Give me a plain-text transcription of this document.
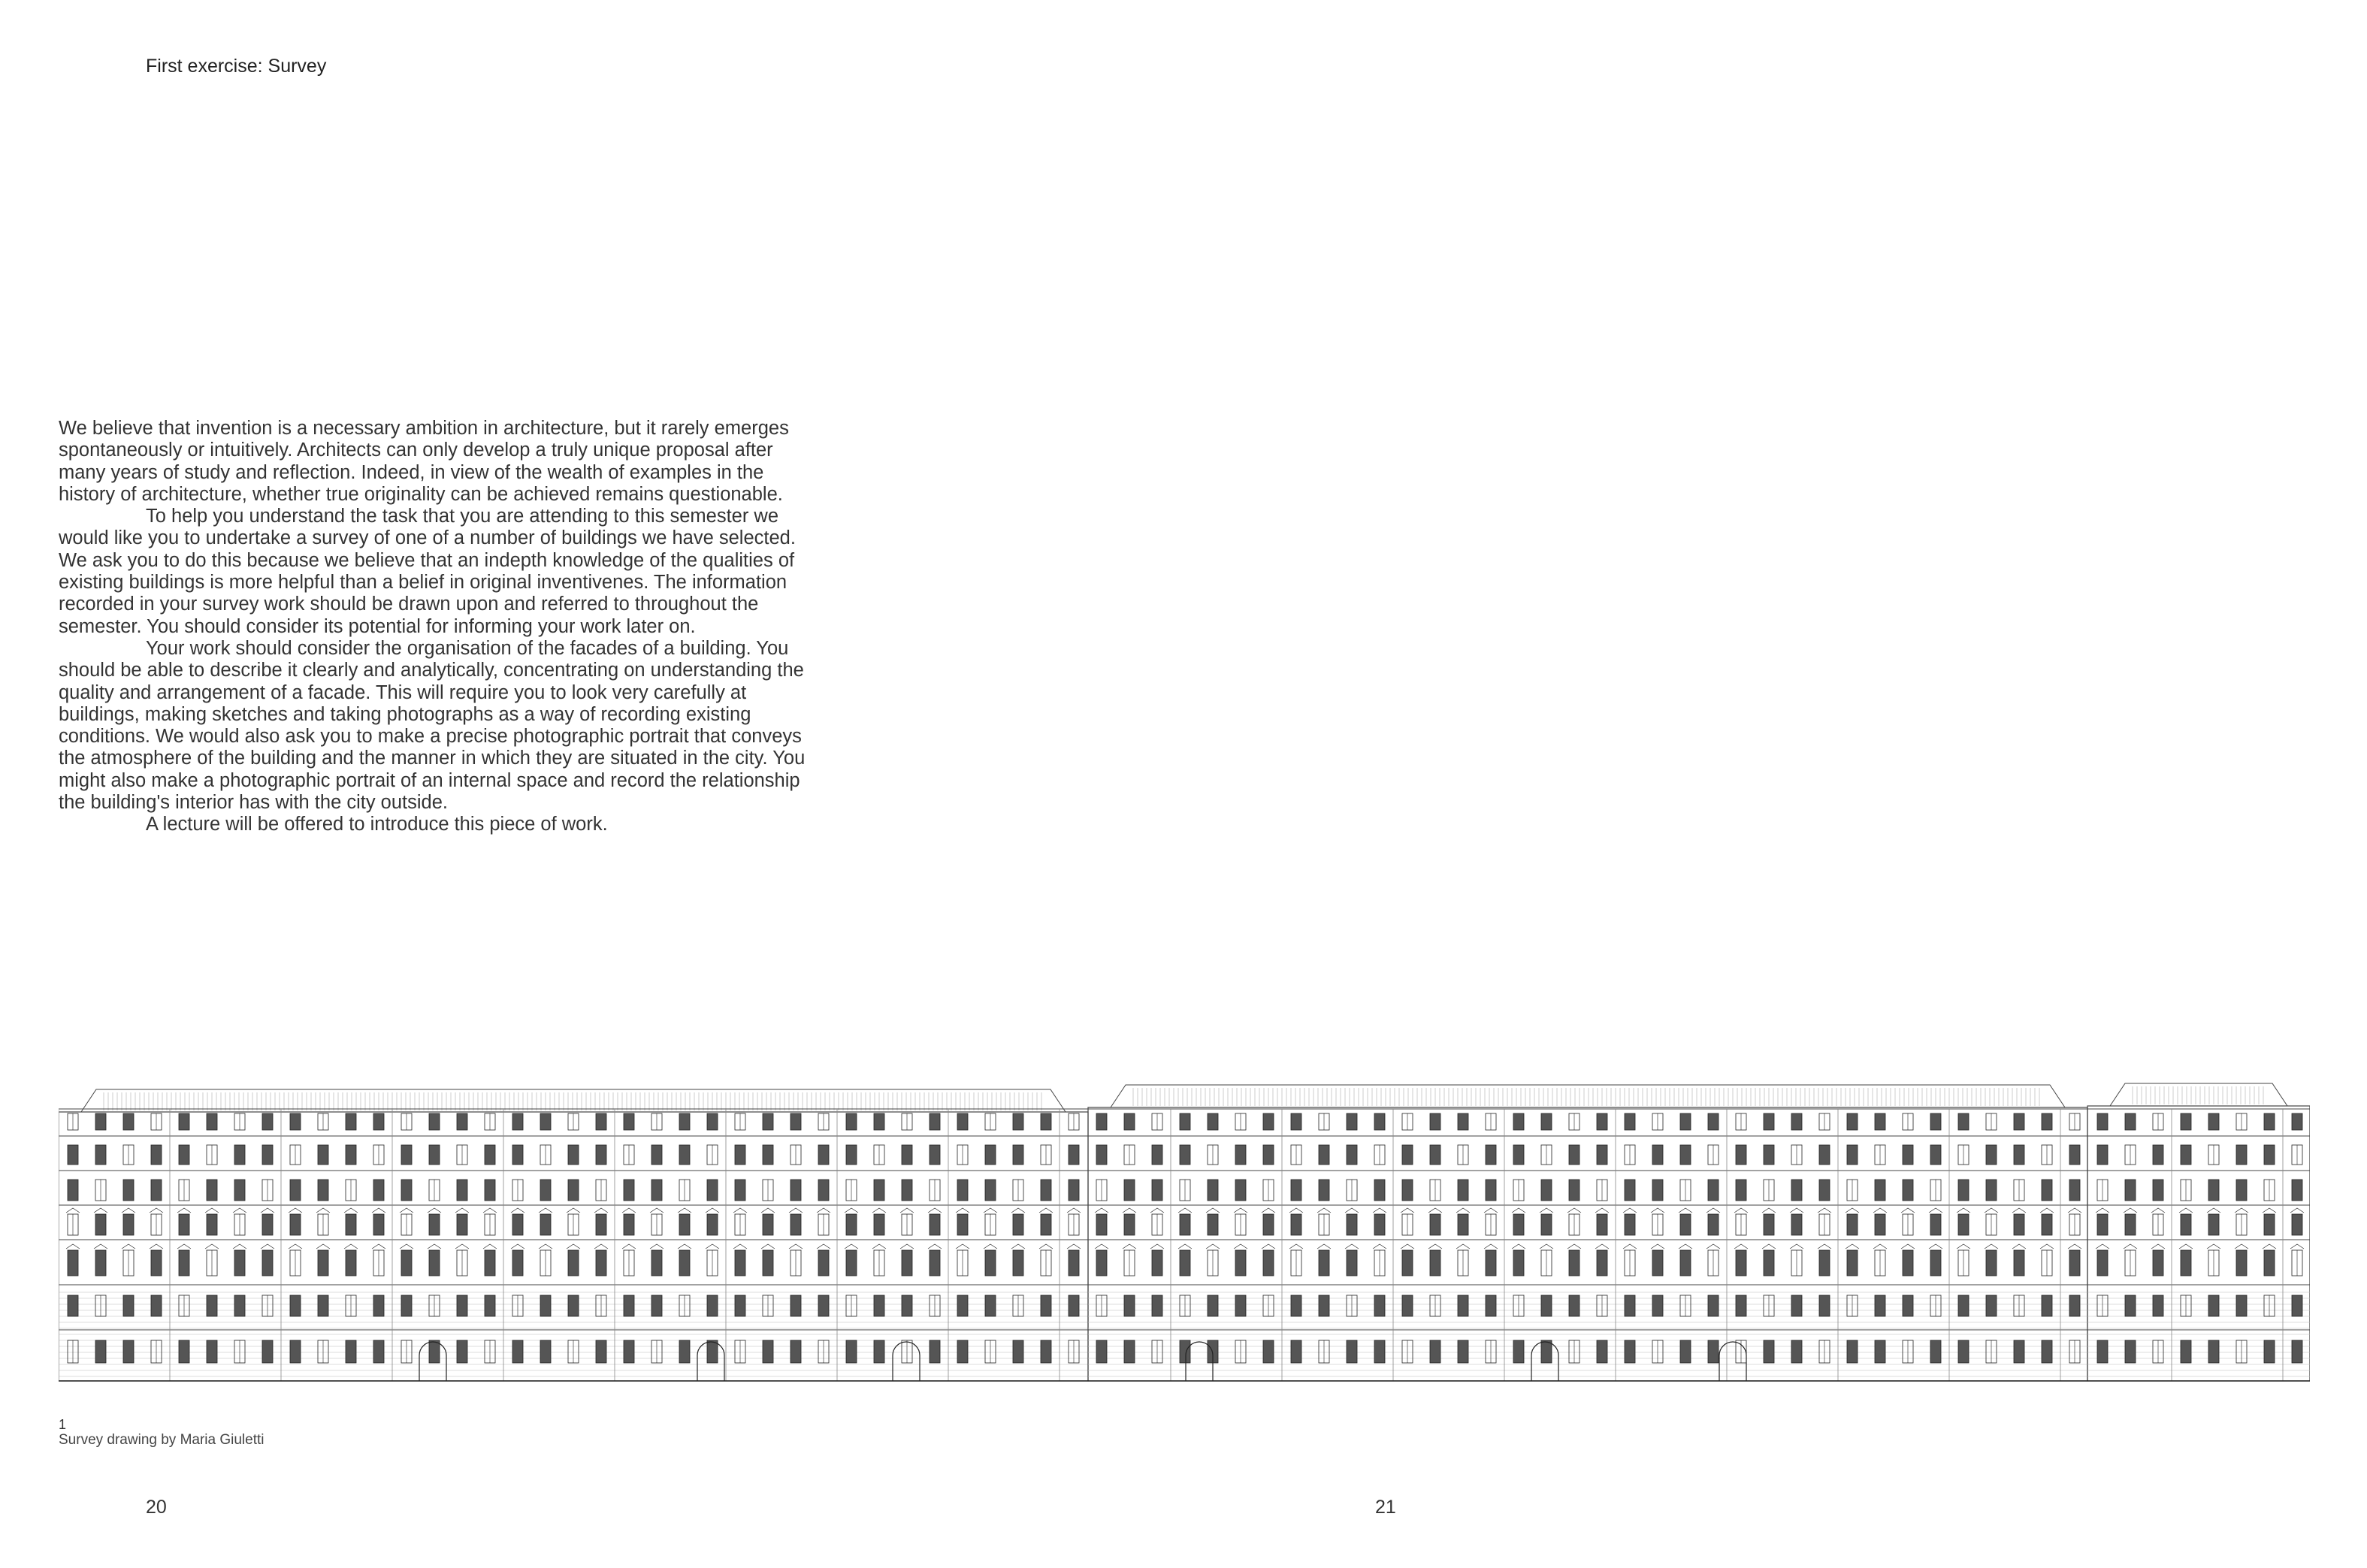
First exercise: Survey

We believe that invention is a necessary ambition in architecture, but it rarely emerges spontaneously or intuitively. Architects can only develop a truly unique proposal after many years of study and reflection. Indeed, in view of the wealth of examples in the history of architecture, whether true originality can be achieved remains questionable.

To help you understand the task that you are attending to this semester we would like you to undertake a survey of one of a number of buildings we have selected. We ask you to do this because we believe that an indepth knowledge of the qualities of existing buildings is more helpful than a belief in original inventivenes. The information recorded in your survey work should be drawn upon and referred to throughout the semester. You should consider its potential for informing your work later on.

Your work should consider the organisation of the facades of a building. You should be able to describe it clearly and analytically, concentrating on understanding the quality and arrangement of a facade. This will require you to look very carefully at buildings, making sketches and taking photographs as a way of recording existing conditions. We would also ask you to make a precise photographic portrait that conveys the atmosphere of the building and the manner in which they are situated in the city. You might also make a photographic portrait of an internal space and record the relationship the building's interior has with the city outside.

A lecture will be offered to introduce this piece of work.

1
Survey drawing by Maria Giuletti
20	21
